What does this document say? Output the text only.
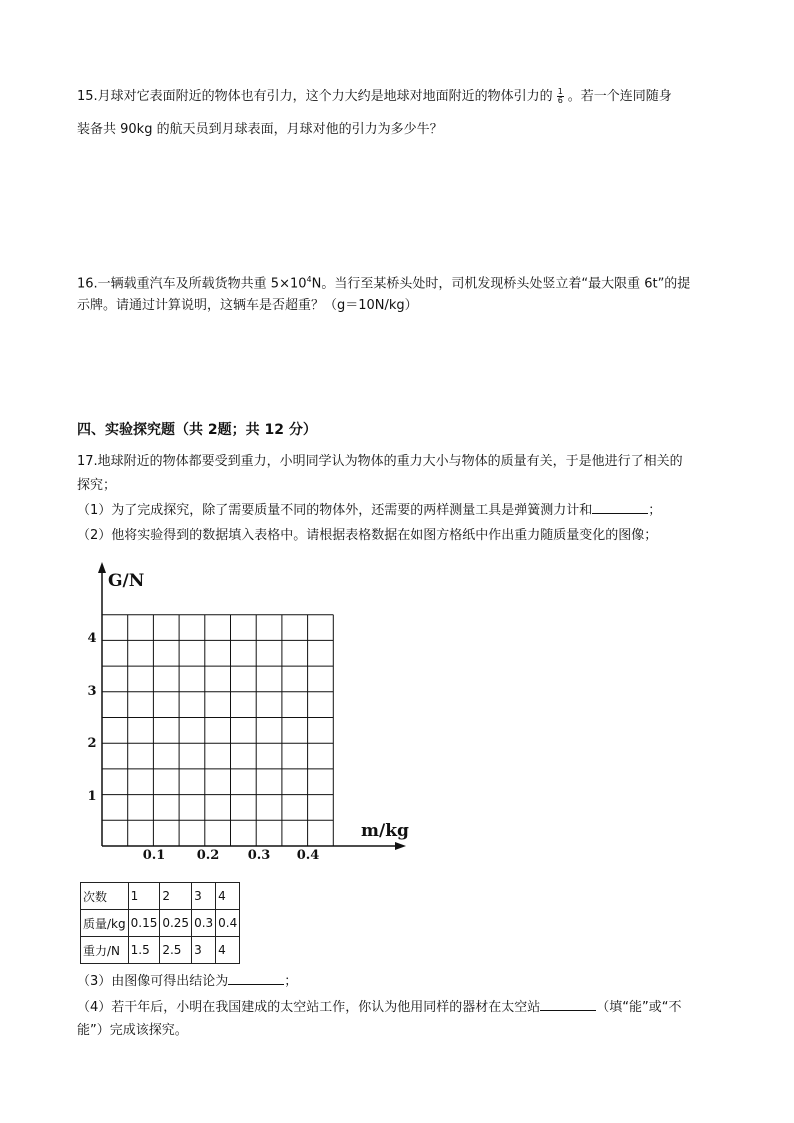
15.月球对它表面附近的物体也有引力，这个力大约是地球对地面附近的物体引力的 $\frac{1}{6}$ 。若一个连同随身
装备共 90kg 的航天员到月球表面，月球对他的引力为多少牛？
16.一辆载重汽车及所载货物共重 $5\times 10^4N$。当行至某桥头处时，司机发现桥头处竖立着“最大限重 6t”的提
示牌。请通过计算说明，这辆车是否超重？（g＝10N/kg）
四、实验探究题（共 2题；共 12 分）
17.地球附近的物体都要受到重力，小明同学认为物体的重力大小与物体的质量有关，于是他进行了相关的
探究；
（1）为了完成探究，除了需要质量不同的物体外，还需要的两样测量工具是弹簧测力计和	；
（2）他将实验得到的数据填入表格中。请根据表格数据在如图方格纸中作出重力随质量变化的图像；
G/N
m/kg
0.1 0.2 0.3 0.4
1
2
3
4
次数	1	2	3	4
质量/kg	0.15	0.25	0.3	0.4
重力/N	1.5	2.5	3	4
（3）由图像可得出结论为	；
（4）若干年后，小明在我国建成的太空站工作，你认为他用同样的器材在太空站	（填“能”或“不
能”）完成该探究。
